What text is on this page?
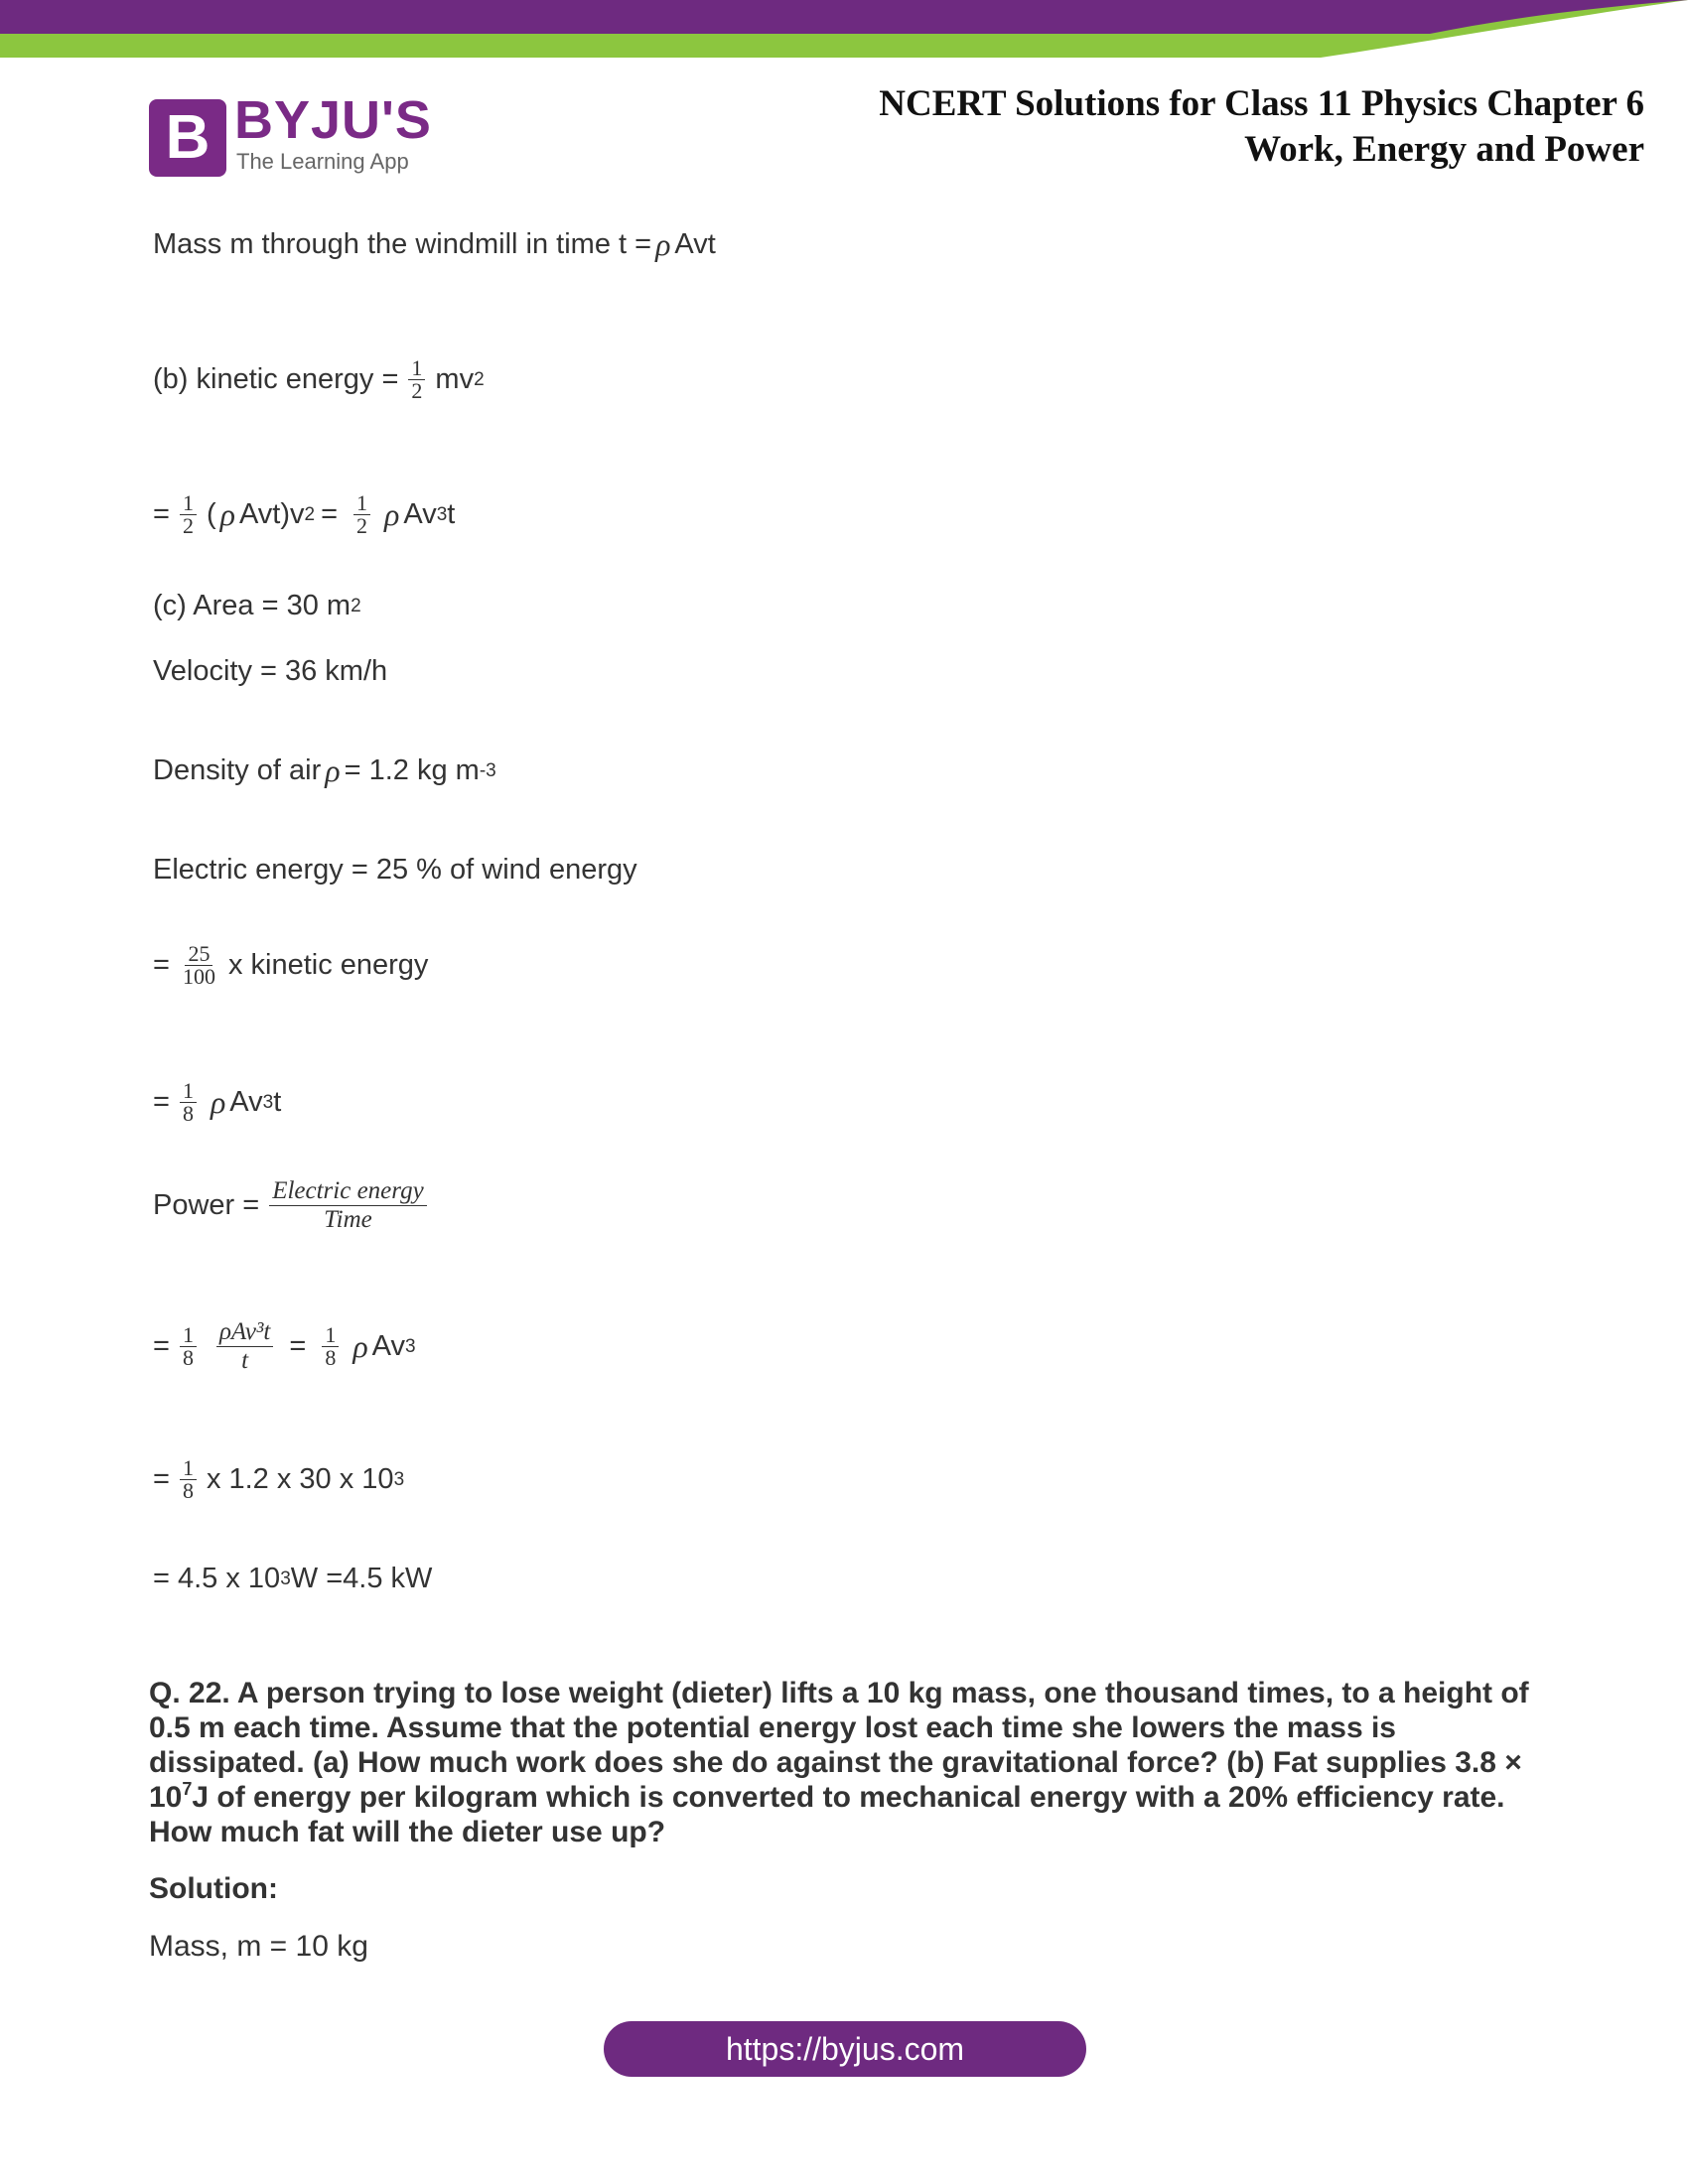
B BYJU'S
The Learning App
NCERT Solutions for Class 11 Physics Chapter 6
Work, Energy and Power
Mass m through the windmill in time t = ρ Avt
(b) kinetic energy = $\frac{1}{2}$ mv 2
= $\frac{1}{2}$ ( ρ Avt)v $2 = \frac{1}{2}$ ρ Av 3 t
(c) Area = 30 m 2
Velocity = 36 km/h
Density of air ρ = 1.2 kg m -3
Electric energy = 25 % of wind energy
= $\frac{25}{100}$ x kinetic energy
= $\frac{1}{8}$ ρ Av 3 t
Power = $\frac{\text{Electric energy}}{\text{Time}}$
= $\frac{1}{8} \frac{\text{ρAv³t}}{t} = \frac{1}{8}$ ρ Av 3
= $\frac{1}{8}$ x 1.2 x 30 x 10 3
= 4.5 x 10 3 W =4.5 kW
Q. 22. A person trying to lose weight (dieter) lifts a 10 kg mass, one thousand times, to a height of 0.5 m each time. Assume that the potential energy lost each time she lowers the mass is dissipated. (a) How much work does she do against the gravitational force? (b) Fat supplies $3.8 \times 10^7J$ of energy per kilogram which is converted to mechanical energy with a 20% efficiency rate. How much fat will the dieter use up?
Solution:
Mass, m = 10 kg
https://byjus.com
